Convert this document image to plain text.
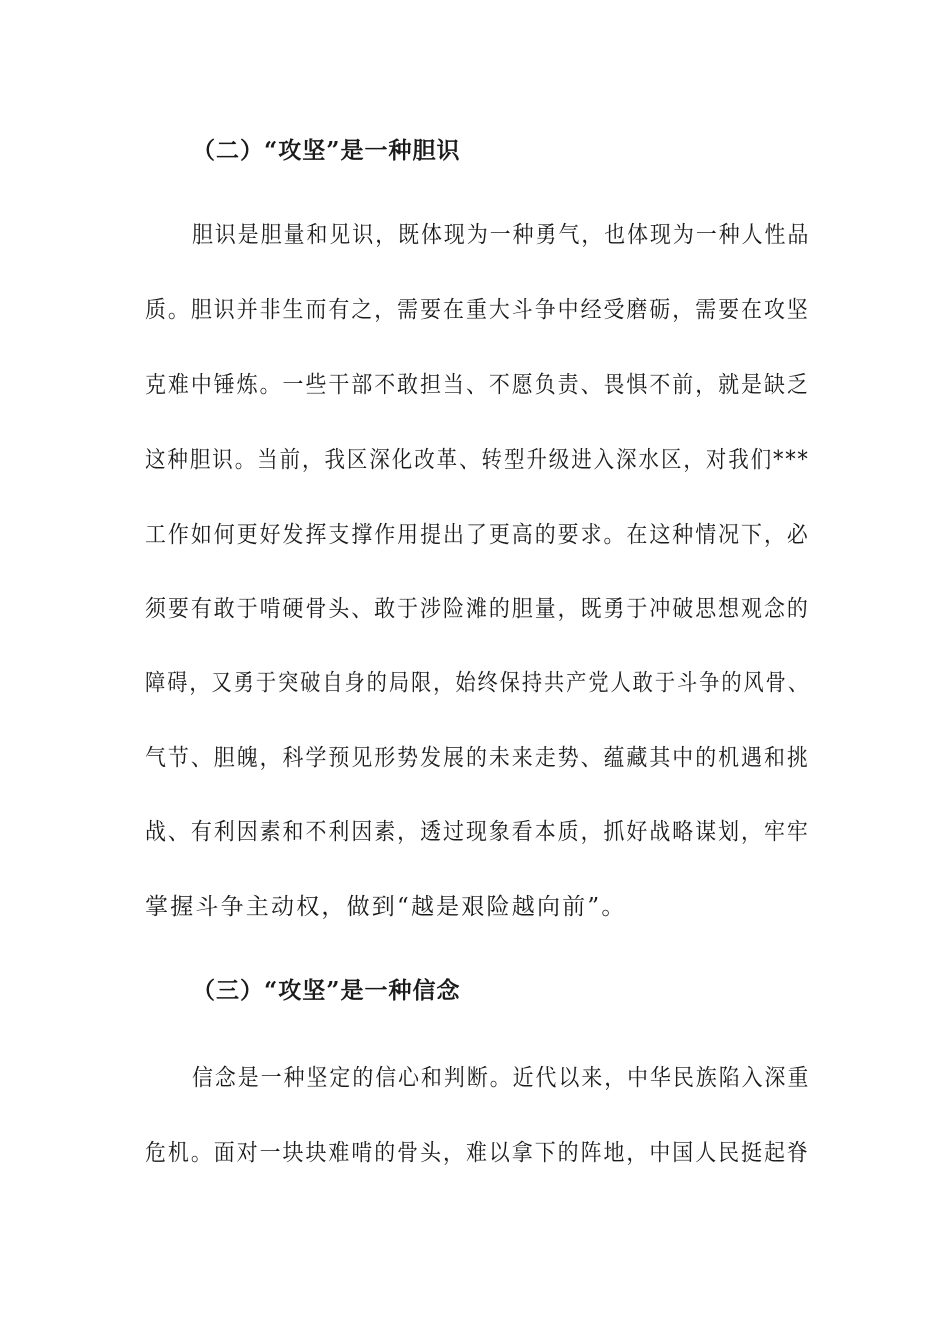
（二）“攻坚”是一种胆识
胆识是胆量和见识，既体现为一种勇气，也体现为一种人性品
质。胆识并非生而有之，需要在重大斗争中经受磨砺，需要在攻坚
克难中锤炼。一些干部不敢担当、不愿负责、畏惧不前，就是缺乏
这种胆识。当前，我区深化改革、转型升级进入深水区，对我们***
工作如何更好发挥支撑作用提出了更高的要求。在这种情况下，必
须要有敢于啃硬骨头、敢于涉险滩的胆量，既勇于冲破思想观念的
障碍，又勇于突破自身的局限，始终保持共产党人敢于斗争的风骨、
气节、胆魄，科学预见形势发展的未来走势、蕴藏其中的机遇和挑
战、有利因素和不利因素，透过现象看本质，抓好战略谋划，牢牢
掌握斗争主动权，做到“越是艰险越向前”。
（三）“攻坚”是一种信念
信念是一种坚定的信心和判断。近代以来，中华民族陷入深重
危机。面对一块块难啃的骨头，难以拿下的阵地，中国人民挺起脊
